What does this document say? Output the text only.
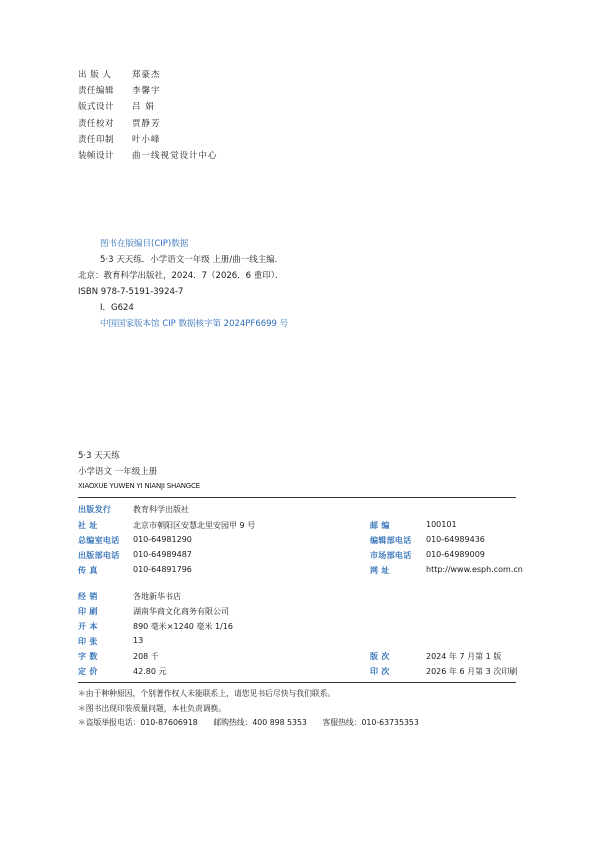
出 版 人	郑豪杰
责任编辑	李馨宇
版式设计	吕 娟
责任校对	贾静芳
责任印制	叶小峰
装帧设计	曲一线视觉设计中心
图书在版编目(CIP)数据
5·3 天天练．小学语文一年级 上册/曲一线主编．
北京：教育科学出版社，2024．7（2026．6 重印）．
ISBN 978-7-5191-3924-7
Ⅰ．G624
中国国家版本馆 CIP 数据核字第 2024PF6699 号
5·3 天天练
小学语文 一年级上册
XIAOXUE YUWEN YI NIANJI SHANGCE
出版发行	教育科学出版社
社 址	北京市朝阳区安慧北里安园甲 9 号	邮 编	100101
总编室电话 010-64981290	编辑部电话 010-64989436
出版部电话 010-64989487	市场部电话 010-64989009
传 真	010-64891796	网 址	http://www.esph.com.cn
经 销	各地新华书店
印 刷	湖南华商文化商务有限公司
开 本	890 毫米×1240 毫米 1/16
印 张	13
字 数	208 千	版 次	2024 年 7 月第 1 版
定 价	42.80 元	印 次	2026 年 6 月第 3 次印刷
＊由于种种原因，个别著作权人未能联系上，请您见书后尽快与我们联系。
＊图书出现印装质量问题，本社负责调换。
＊盗版举报电话：010-87606918　　邮购热线：400 898 5353　　客服热线：010-63735353
